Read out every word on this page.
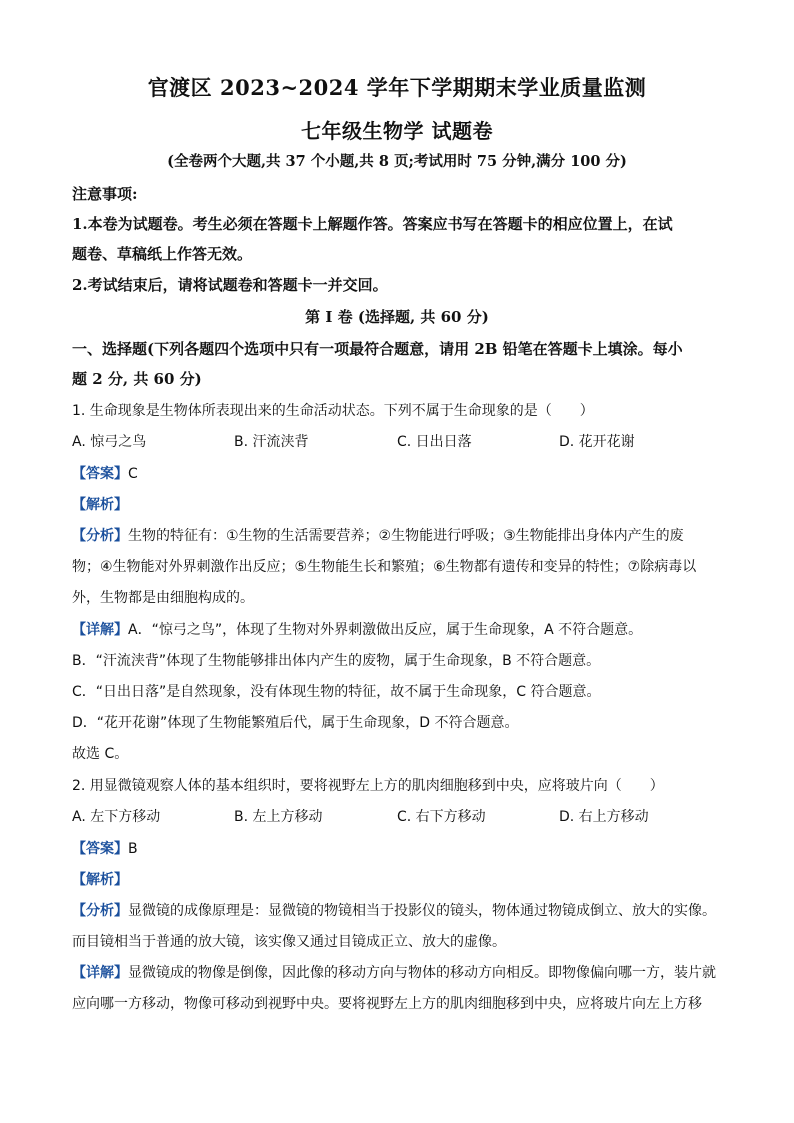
官渡区 2023~2024 学年下学期期末学业质量监测
七年级生物学 试题卷
(全卷两个大题,共 37 个小题,共 8 页;考试用时 75 分钟,满分 100 分)
注意事项:
1.本卷为试题卷。考生必须在答题卡上解题作答。答案应书写在答题卡的相应位置上，在试
题卷、草稿纸上作答无效。
2.考试结束后，请将试题卷和答题卡一并交回。
第 I 卷 (选择题, 共 60 分)
一、选择题(下列各题四个选项中只有一项最符合题意，请用 2B 铅笔在答题卡上填涂。每小
题 2 分, 共 60 分)
1. 生命现象是生物体所表现出来的生命活动状态。下列不属于生命现象的是（　　）
A. 惊弓之鸟	B. 汗流浃背	C. 日出日落	D. 花开花谢
【答案】C
【解析】
【分析】生物的特征有：①生物的生活需要营养；②生物能进行呼吸；③生物能排出身体内产生的废
物；④生物能对外界刺激作出反应；⑤生物能生长和繁殖；⑥生物都有遗传和变异的特性；⑦除病毒以
外，生物都是由细胞构成的。
【详解】A．“惊弓之鸟”，体现了生物对外界刺激做出反应，属于生命现象，A 不符合题意。
B．“汗流浃背”体现了生物能够排出体内产生的废物，属于生命现象，B 不符合题意。
C．“日出日落”是自然现象，没有体现生物的特征，故不属于生命现象，C 符合题意。
D．“花开花谢”体现了生物能繁殖后代，属于生命现象，D 不符合题意。
故选 C。
2. 用显微镜观察人体的基本组织时，要将视野左上方的肌肉细胞移到中央，应将玻片向（　　）
A. 左下方移动	B. 左上方移动	C. 右下方移动	D. 右上方移动
【答案】B
【解析】
【分析】显微镜的成像原理是：显微镜的物镜相当于投影仪的镜头，物体通过物镜成倒立、放大的实像。
而目镜相当于普通的放大镜，该实像又通过目镜成正立、放大的虚像。
【详解】显微镜成的物像是倒像，因此像的移动方向与物体的移动方向相反。即物像偏向哪一方，装片就
应向哪一方移动，物像可移动到视野中央。要将视野左上方的肌肉细胞移到中央，应将玻片向左上方移
